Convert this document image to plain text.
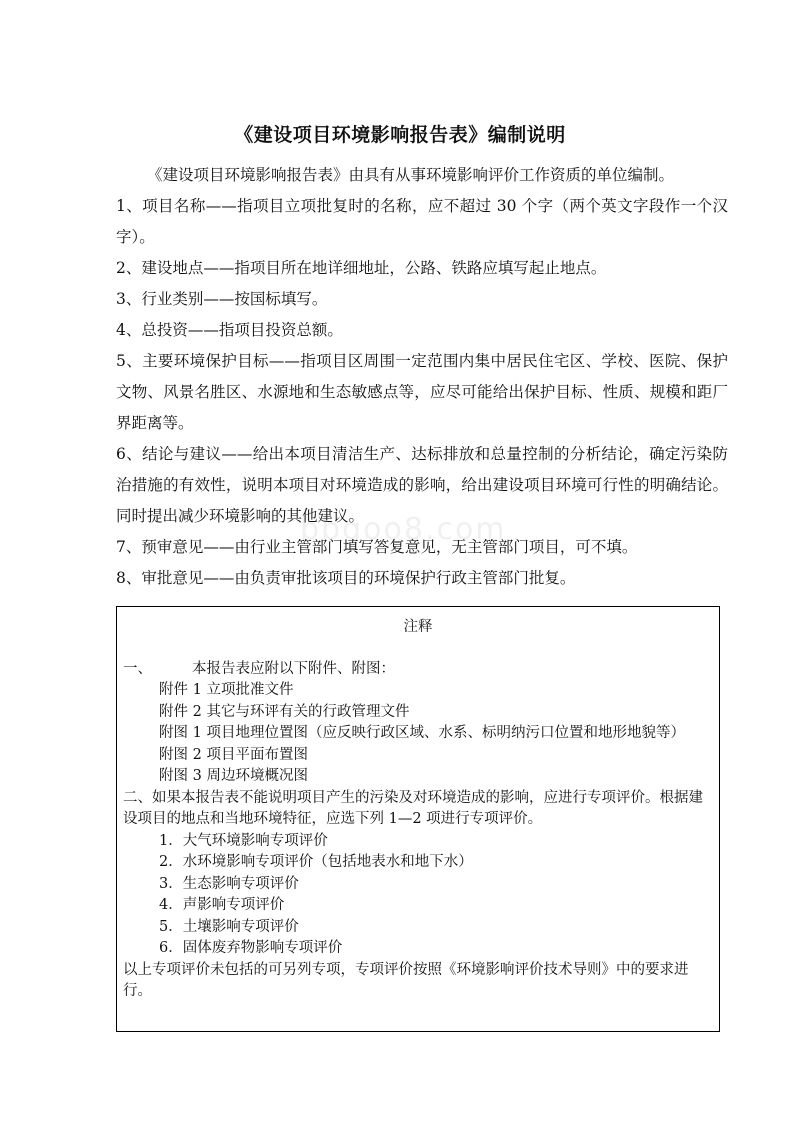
《建设项目环境影响报告表》编制说明

《建设项目环境影响报告表》由具有从事环境影响评价工作资质的单位编制。

1、项目名称——指项目立项批复时的名称，应不超过 30 个字（两个英文字段作一个汉字）。

2、建设地点——指项目所在地详细地址，公路、铁路应填写起止地点。

3、行业类别——按国标填写。

4、总投资——指项目投资总额。

5、主要环境保护目标——指项目区周围一定范围内集中居民住宅区、学校、医院、保护文物、风景名胜区、水源地和生态敏感点等，应尽可能给出保护目标、性质、规模和距厂界距离等。

6、结论与建议——给出本项目清洁生产、达标排放和总量控制的分析结论，确定污染防治措施的有效性，说明本项目对环境造成的影响，给出建设项目环境可行性的明确结论。同时提出减少环境影响的其他建议。

7、预审意见——由行业主管部门填写答复意见，无主管部门项目，可不填。

8、审批意见——由负责审批该项目的环境保护行政主管部门批复。

bbgoo8.com
注释

一、	本报告表应附以下附件、附图：

附件 1 立项批准文件

附件 2 其它与环评有关的行政管理文件

附图 1 项目地理位置图（应反映行政区域、水系、标明纳污口位置和地形地貌等）

附图 2 项目平面布置图

附图 3 周边环境概况图

二、如果本报告表不能说明项目产生的污染及对环境造成的影响，应进行专项评价。根据建设项目的地点和当地环境特征，应选下列 1—2 项进行专项评价。

1．大气环境影响专项评价

2．水环境影响专项评价（包括地表水和地下水）

3．生态影响专项评价

4．声影响专项评价

5．土壤影响专项评价

6．固体废弃物影响专项评价

以上专项评价未包括的可另列专项，专项评价按照《环境影响评价技术导则》中的要求进行。
